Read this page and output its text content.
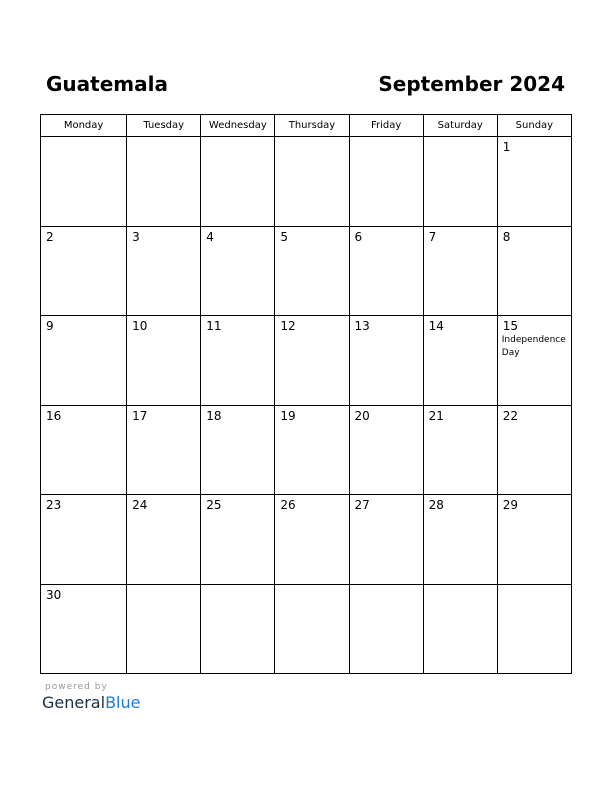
Guatemala	September 2024
Monday	Tuesday	Wednesday	Thursday	Friday	Saturday	Sunday

						1

2	3	4	5	6	7	8

9	10	11	12	13	14	15
Independence Day

16	17	18	19	20	21	22

23	24	25	26	27	28	29

30						

powered by
GeneralBlue
